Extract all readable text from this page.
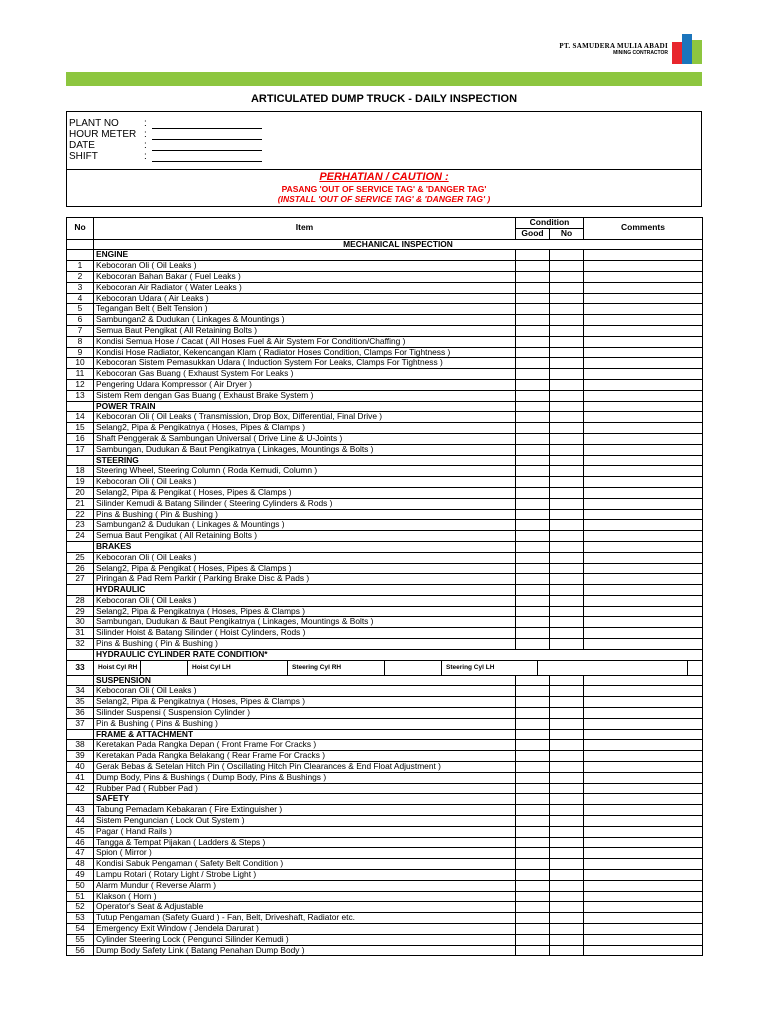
PT. SAMUDERA MULIA ABADI
MINING CONTRACTOR
ARTICULATED DUMP TRUCK - DAILY INSPECTION
PLANT NO	:
HOUR METER :
DATE	:
SHIFT	:
PERHATIAN / CAUTION :
PASANG 'OUT OF SERVICE TAG' & 'DANGER TAG'
(INSTALL 'OUT OF SERVICE TAG' & 'DANGER TAG' )
No	Item	Condition		Comments
		Good	No	
	MECHANICAL INSPECTION			
	ENGINE			
1	Kebocoran Oli ( Oil Leaks )			
2	Kebocoran Bahan Bakar ( Fuel Leaks )			
3	Kebocoran Air Radiator ( Water Leaks )			
4	Kebocoran Udara ( Air Leaks )			
5	Tegangan Belt ( Belt Tension )			
6	Sambungan2 & Dudukan ( Linkages & Mountings )			
7	Semua Baut Pengikat ( All Retaining Bolts )			
8	Kondisi Semua Hose / Cacat ( All Hoses Fuel & Air System For Condition/Chaffing )			
9	Kondisi Hose Radiator, Kekencangan Klam ( Radiator Hoses Condition, Clamps For Tightness )			
10	Kebocoran Sistem Pemasukkan Udara ( Induction System For Leaks, Clamps For Tightness )			
11	Kebocoran Gas Buang ( Exhaust System For Leaks )			
12	Pengering Udara Kompressor ( Air Dryer )			
13	Sistem Rem dengan Gas Buang ( Exhaust Brake System )			
	POWER TRAIN			
14	Kebocoran Oli ( Oil Leaks ( Transmission, Drop Box, Differential, Final Drive )			
15	Selang2, Pipa & Pengikatnya ( Hoses, Pipes & Clamps )			
16	Shaft Penggerak & Sambungan Universal ( Drive Line & U-Joints )			
17	Sambungan, Dudukan & Baut Pengikatnya ( Linkages, Mountings & Bolts )			
	STEERING			
18	Steering Wheel, Steering Column ( Roda Kemudi, Column )			
19	Kebocoran Oli ( Oil Leaks )			
20	Selang2, Pipa & Pengikat ( Hoses, Pipes & Clamps )			
21	Silinder Kemudi & Batang Silinder ( Steering Cylinders & Rods )			
22	Pins & Bushing ( Pin & Bushing )			
23	Sambungan2 & Dudukan ( Linkages & Mountings )			
24	Semua Baut Pengikat ( All Retaining Bolts )			
	BRAKES			
25	Kebocoran Oli ( Oil Leaks )			
26	Selang2, Pipa & Pengikat ( Hoses, Pipes & Clamps )			
27	Piringan & Pad Rem Parkir ( Parking Brake Disc & Pads )			
	HYDRAULIC			
28	Kebocoran Oli ( Oil Leaks )			
29	Selang2, Pipa & Pengikatnya ( Hoses, Pipes & Clamps )			
30	Sambungan, Dudukan & Baut Pengikatnya ( Linkages, Mountings & Bolts )			
31	Silinder Hoist & Batang Silinder ( Hoist Cylinders, Rods )			
32	Pins & Bushing ( Pin & Bushing )			
	HYDRAULIC CYLINDER RATE CONDITION*			
33	Hoist Cyl RH Hoist Cyl LH Steering Cyl RH Steering Cyl LH			

	SUSPENSION			
34	Kebocoran Oli ( Oil Leaks )			
35	Selang2, Pipa & Pengikatnya ( Hoses, Pipes & Clamps )			
36	Silinder Suspensi ( Suspension Cylinder )			
37	Pin & Bushing ( Pins & Bushing )			
	FRAME & ATTACHMENT			
38	Keretakan Pada Rangka Depan ( Front Frame For Cracks )			
39	Keretakan Pada Rangka Belakang ( Rear Frame For Cracks )			
40	Gerak Bebas & Setelan Hitch Pin ( Oscillating Hitch Pin Clearances & End Float Adjustment )			
41	Dump Body, Pins & Bushings ( Dump Body, Pins & Bushings )			
42	Rubber Pad ( Rubber Pad )			
	SAFETY			
43	Tabung Pemadam Kebakaran ( Fire Extinguisher )			
44	Sistem Penguncian ( Lock Out System )			
45	Pagar ( Hand Rails )			
46	Tangga & Tempat Pijakan ( Ladders & Steps )			
47	Spion ( Mirror )			
48	Kondisi Sabuk Pengaman ( Safety Belt Condition )			
49	Lampu Rotari ( Rotary Light / Strobe Light )			
50	Alarm Mundur ( Reverse Alarm )			
51	Klakson ( Horn )			
52	Operator's Seat & Adjustable			
53	Tutup Pengaman (Safety Guard ) - Fan, Belt, Driveshaft, Radiator etc.			
54	Emergency Exit Window ( Jendela Darurat )			
55	Cylinder Steering Lock ( Pengunci Silinder Kemudi )			
56	Dump Body Safety Link ( Batang Penahan Dump Body )			
